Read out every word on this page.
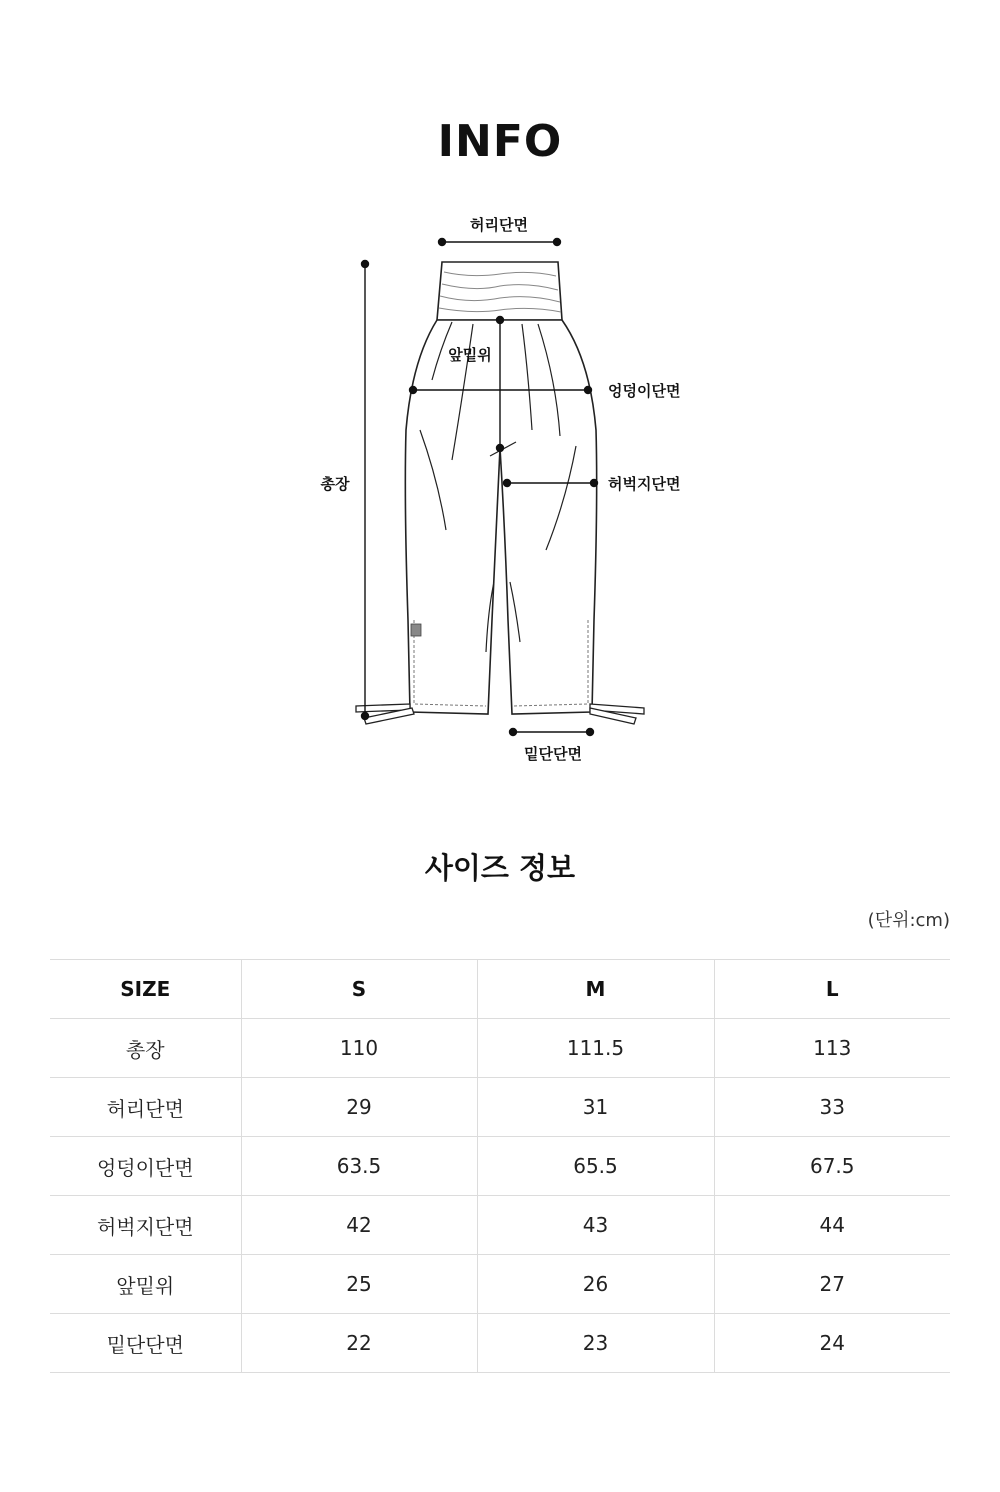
INFO
허리단면
앞밑위
엉덩이단면
허벅지단면
총장
밑단단면
사이즈 정보
(단위:cm)
SIZE	S	M	L
총장	110	111.5	113
허리단면	29	31	33
엉덩이단면	63.5	65.5	67.5
허벅지단면	42	43	44
앞밑위	25	26	27
밑단단면	22	23	24
